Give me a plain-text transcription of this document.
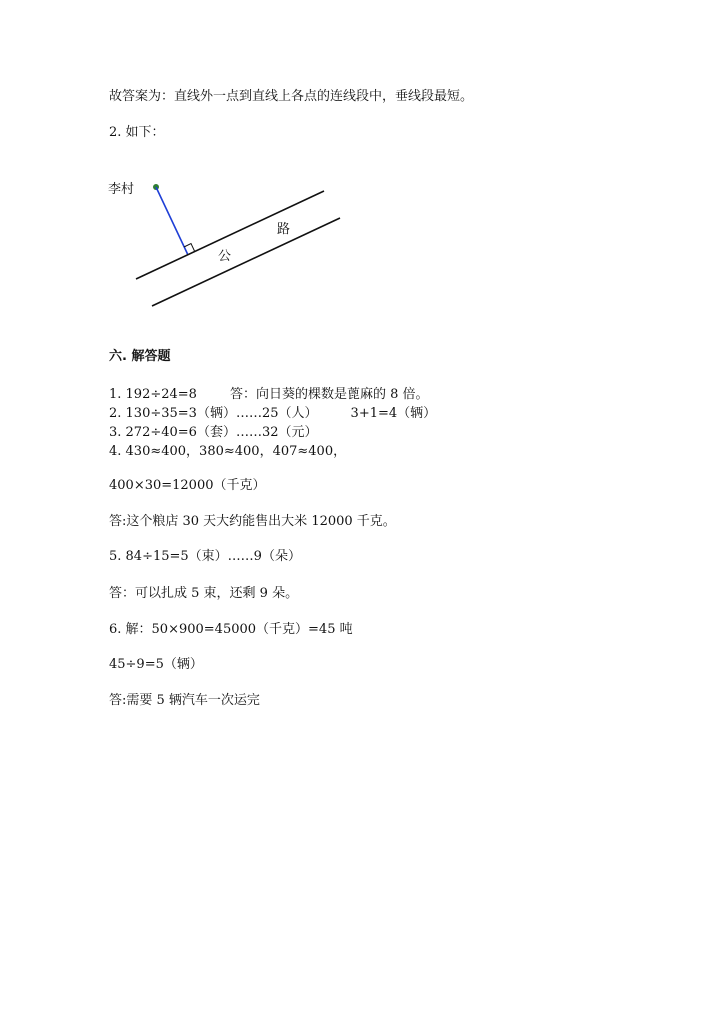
故答案为：直线外一点到直线上各点的连线段中，垂线段最短。
2. 如下：
李村
公
路
六. 解答题
1. 192÷24=8        答：向日葵的棵数是蓖麻的 8 倍。
2. 130÷35=3（辆）……25（人）        3+1=4（辆）
3. 272÷40=6（套）……32（元）
4. 430≈400，380≈400，407≈400，
400×30=12000（千克）
答:这个粮店 30 天大约能售出大米 12000 千克。
5. 84÷15=5（束）……9（朵）
答：可以扎成 5 束，还剩 9 朵。
6. 解：50×900=45000（千克）=45 吨
45÷9=5（辆）
答:需要 5 辆汽车一次运完
